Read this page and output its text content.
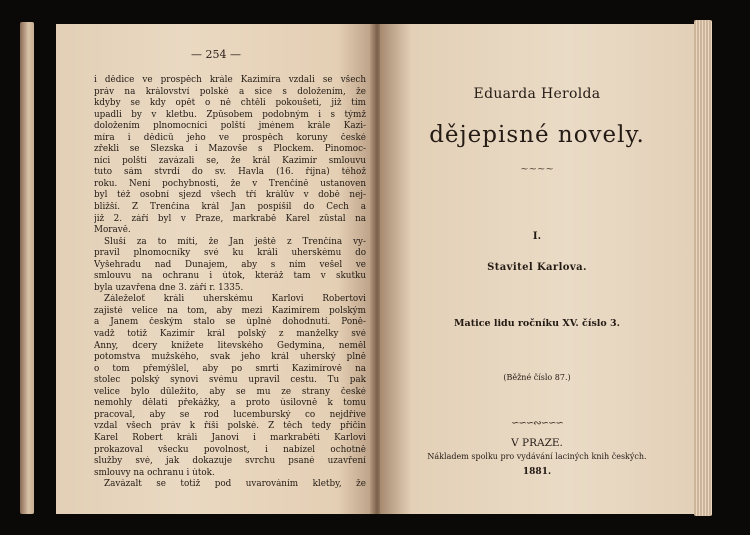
— 254 —
i dědice ve prospěch krále Kazimíra vzdali se všech
práv na království polské a sice s doložením, že
kdyby se kdy opět o ně chtěli pokoušeti, již tím
upadli by v kletbu. Způsobem podobným i s týmž
doložením plnomocníci polští jménem krále Kazi-
míra i dědiců jeho ve prospěch koruny české
zřekli se Slezska i Mazovše s Plockem. Pinomoc-
níci polští zavázali se, že král Kazimír smlouvu
tuto sám stvrdí do sv. Havla (16. října) téhož
roku. Není pochybnosti, že v Trenčíně ustanoven
byl též osobní sjezd všech tří králův v době nej-
bližší. Z Trenčína král Jan pospíšil do Čech a
již 2. září byl v Praze, markrabě Karel zůstal na
Moravě.
Sluší za to míti, že Jan ještě z Trenčína vy-
pravil plnomocníky své ku králi uherskému do
Vyšehradu nad Dunajem, aby s ním vešel ve
smlouvu na ochranu i útok, kteráž tam v skutku
byla uzavřena dne 3. září r. 1335.
Záleželoť králi uherskému Karlovi Robertovi
zajisté velice na tom, aby mezi Kazimírem polským
a Janem českým stalo se úplné dohodnutí. Poně-
vadž totiž Kazimír král polský z manželky své
Anny, dcery knížete litevského Gedymina, neměl
potomstva mužského, svak jeho král uherský plně
o tom přemýšlel, aby po smrti Kazimírově na
stolec polský synovi svému upravil cestu. Tu pak
velice bylo důležito, aby se mu ze strany české
nemohly dělati překážky, a proto úsilovně k tomu
pracoval, aby se rod lucemburský co nejdříve
vzdal všech práv k říši polské. Z těch tedy příčin
Karel Robert králi Janovi i markraběti Karlovi
prokazoval všecku povolnost, i nabízel ochotně
služby své, jak dokazuje svrchu psané uzavření
smlouvy na ochranu i útok.
Zavázalt se totiž pod uvarováním kletby, že
Eduarda Herolda
dějepisné novely.
~~~~
I.
Stavitel Karlova.
Matice lidu ročníku XV. číslo 3.
(Běžné číslo 87.)
∽∽∽∾∽∽∽
V PRAZE.
Nákladem spolku pro vydávání laciných knih českých.
1881.
